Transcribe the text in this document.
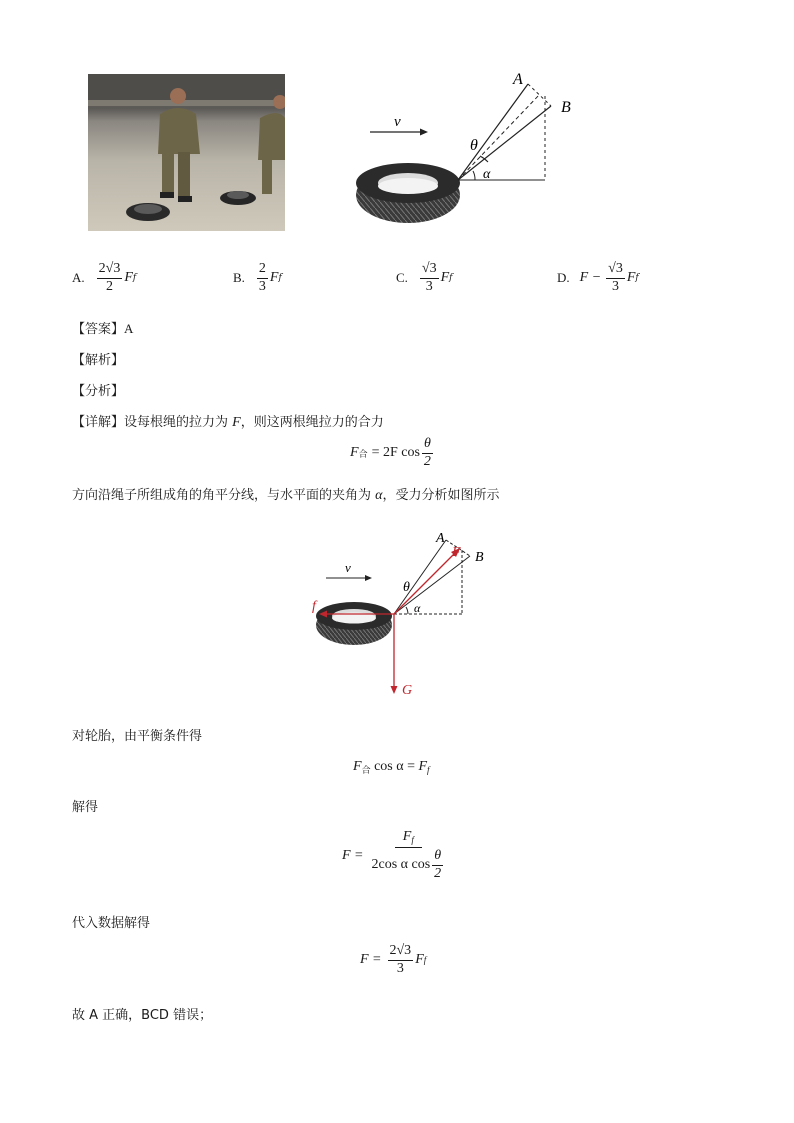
v
A
B
θ
α
A. $\frac{2√3}{2}$ F f	B. $\frac{2}{3}$ F f	C. $\frac{√3}{3}$ F f	D. $F - \frac{√3}{3}$ F f
【答案】A
【解析】
【分析】
【详解】设每根绳的拉力为 F，则这两根绳拉力的合力
F 合 = 2F $\cos \frac{\theta}{2}$
方向沿绳子所组成角的角平分线，与水平面的夹角为 α，受力分析如图所示
v
A
F B
θ
α
f
G
对轮胎，由平衡条件得
$F_合$ $\cos \alpha = F_f$
解得
$F = \frac{F_f}{2\cos \alpha \cos \frac{\theta}{2}}$
代入数据解得
$F = \frac{2√3}{3}$ F f
故 A 正确，BCD 错误；
